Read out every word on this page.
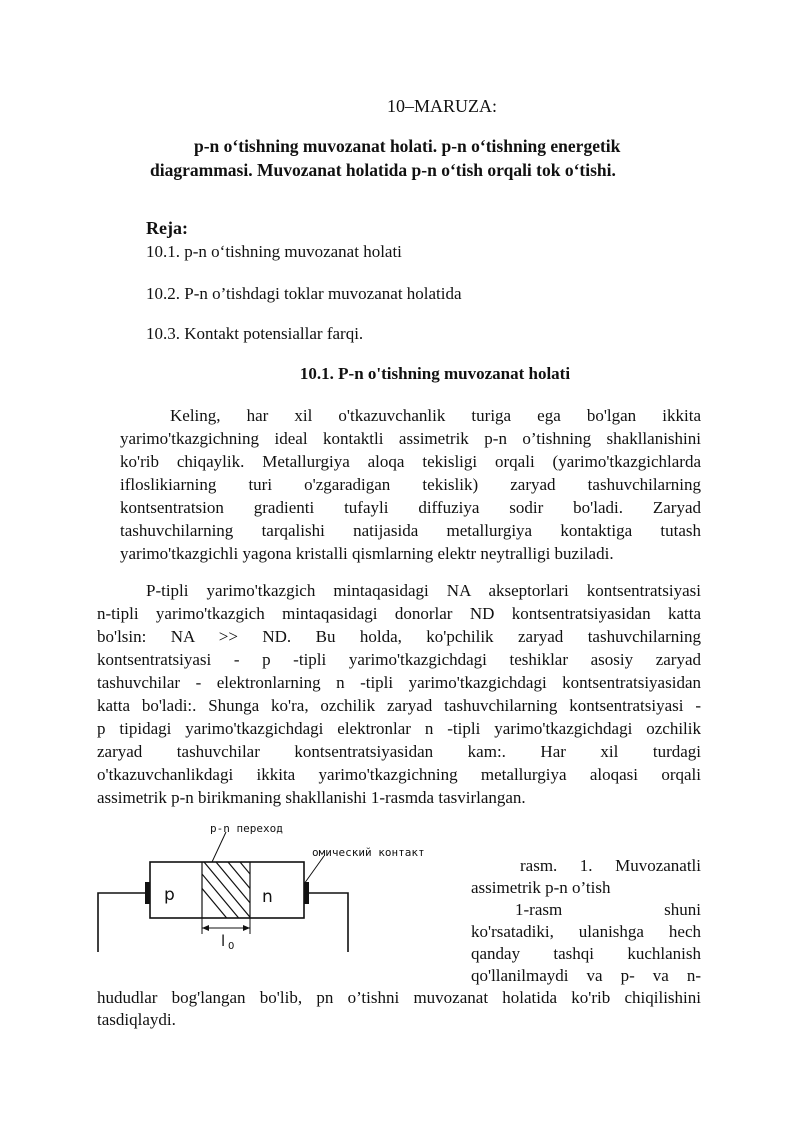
10–MARUZA:
p-n o‘tishning muvozanat holati. p-n o‘tishning energetik
diagrammasi. Muvozanat holatida p-n o‘tish orqali tok o‘tishi.
Reja:
10.1. p-n o‘tishning muvozanat holati
10.2. P-n o’tishdagi toklar muvozanat holatida
10.3. Kontakt potensiallar farqi.
10.1. P-n o'tishning muvozanat holati
Keling, har xil o'tkazuvchanlik turiga ega bo'lgan ikkita
yarimo'tkazgichning ideal kontaktli assimetrik p-n o’tishning shakllanishini
ko'rib chiqaylik. Metallurgiya aloqa tekisligi orqali (yarimo'tkazgichlarda
ifloslikiarning turi o'zgaradigan tekislik) zaryad tashuvchilarning
kontsentratsion gradienti tufayli diffuziya sodir bo'ladi. Zaryad
tashuvchilarning tarqalishi natijasida metallurgiya kontaktiga tutash
yarimo'tkazgichli yagona kristalli qismlarning elektr neytralligi buziladi.
P-tipli yarimo'tkazgich mintaqasidagi NA akseptorlari kontsentratsiyasi
n-tipli yarimo'tkazgich mintaqasidagi donorlar ND kontsentratsiyasidan katta
bo'lsin: NA >> ND. Bu holda, ko'pchilik zaryad tashuvchilarning
kontsentratsiyasi - p -tipli yarimo'tkazgichdagi teshiklar asosiy zaryad
tashuvchilar - elektronlarning n -tipli yarimo'tkazgichdagi kontsentratsiyasidan
katta bo'ladi:. Shunga ko'ra, ozchilik zaryad tashuvchilarning kontsentratsiyasi -
p tipidagi yarimo'tkazgichdagi elektronlar n -tipli yarimo'tkazgichdagi ozchilik
zaryad tashuvchilar kontsentratsiyasidan kam:. Har xil turdagi
o'tkazuvchanlikdagi ikkita yarimo'tkazgichning metallurgiya aloqasi orqali
assimetrik p-n birikmaning shakllanishi 1-rasmda tasvirlangan.
p-n переход
омический контакт
p	n
l 0
rasm. 1. Muvozanatli
assimetrik p-n o’tish
1-rasm shuni
ko'rsatadiki, ulanishga hech
qanday tashqi kuchlanish
qo'llanilmaydi va p- va n-
hududlar bog'langan bo'lib, pn o’tishni muvozanat holatida ko'rib chiqilishini
tasdiqlaydi.
